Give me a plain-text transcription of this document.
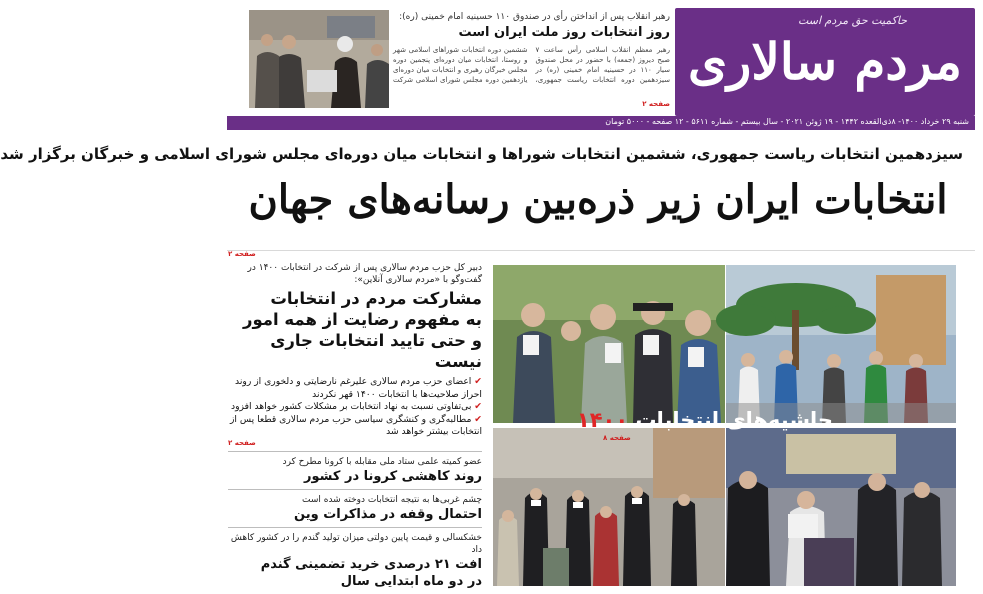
حاکمیت حق مردم است
مردم سالاری
رهبر انقلاب پس از انداختن رأی در صندوق ۱۱۰ حسینیه امام خمینی (ره):
روز انتخابات روز ملت ایران است
رهبر معظم انقلاب اسلامی رأس ساعت ۷ صبح دیروز (جمعه) با حضور در محل صندوق سیار ۱۱۰ در حسینیه امام خمینی (ره) در سیزدهمین دوره انتخابات ریاست جمهوری، ششمین دوره انتخابات شوراهای اسلامی شهر و روستا، انتخابات میان دوره‌ای پنجمین دوره مجلس خبرگان رهبری و انتخابات میان دوره‌ای یازدهمین دوره مجلس شورای اسلامی شرکت
صفحه ۲
شنبه ۲۹ خرداد ۱۴۰۰- ۸ذی‌القعده ۱۴۴۲ - ۱۹ ژوئن ۲۰۲۱ - سال بیستم - شماره ۵۶۱۱ - ۱۲ صفحه - ۵۰۰۰ تومان
سیزدهمین انتخابات ریاست جمهوری، ششمین انتخابات شوراها و انتخابات میان دوره‌ای مجلس شورای اسلامی و خبرگان برگزار شد
انتخابات ایران زیر ذره‌بین رسانه‌های جهان
صفحه ۲
دبیر کل حزب مردم سالاری پس از شرکت در انتخابات ۱۴۰۰ در گفت‌وگو با «مردم سالاری آنلاین»:
مشارکت مردم در انتخابات
به مفهوم رضایت از همه امور
و حتی تایید انتخابات جاری نیست
✔ اعضای حزب مردم سالاری علیرغم نارضایتی و دلخوری از روند احراز صلاحیت‌ها با انتخابات ۱۴۰۰ قهر نکردند
✔ بی‌تفاوتی نسبت به نهاد انتخابات بر مشکلات کشور خواهد افزود
✔ مطالبه‌گری و کنشگری سیاسی حزب مردم سالاری قطعا پس از انتخابات بیشتر خواهد شد
صفحه ۲
عضو کمیته علمی ستاد ملی مقابله با کرونا مطرح کرد
روند کاهشی کرونا در کشور
چشم غربی‌ها به نتیجه انتخابات دوخته شده است
احتمال وقفه در مذاکرات وین
خشکسالی و قیمت پایین دولتی میزان تولید گندم را در کشور کاهش داد
افت ۲۱ درصدی خرید تضمینی گندم
در دو ماه ابتدایی سال
حاشیه‌های انتخابات ۱۴۰۰
صفحه ۸
